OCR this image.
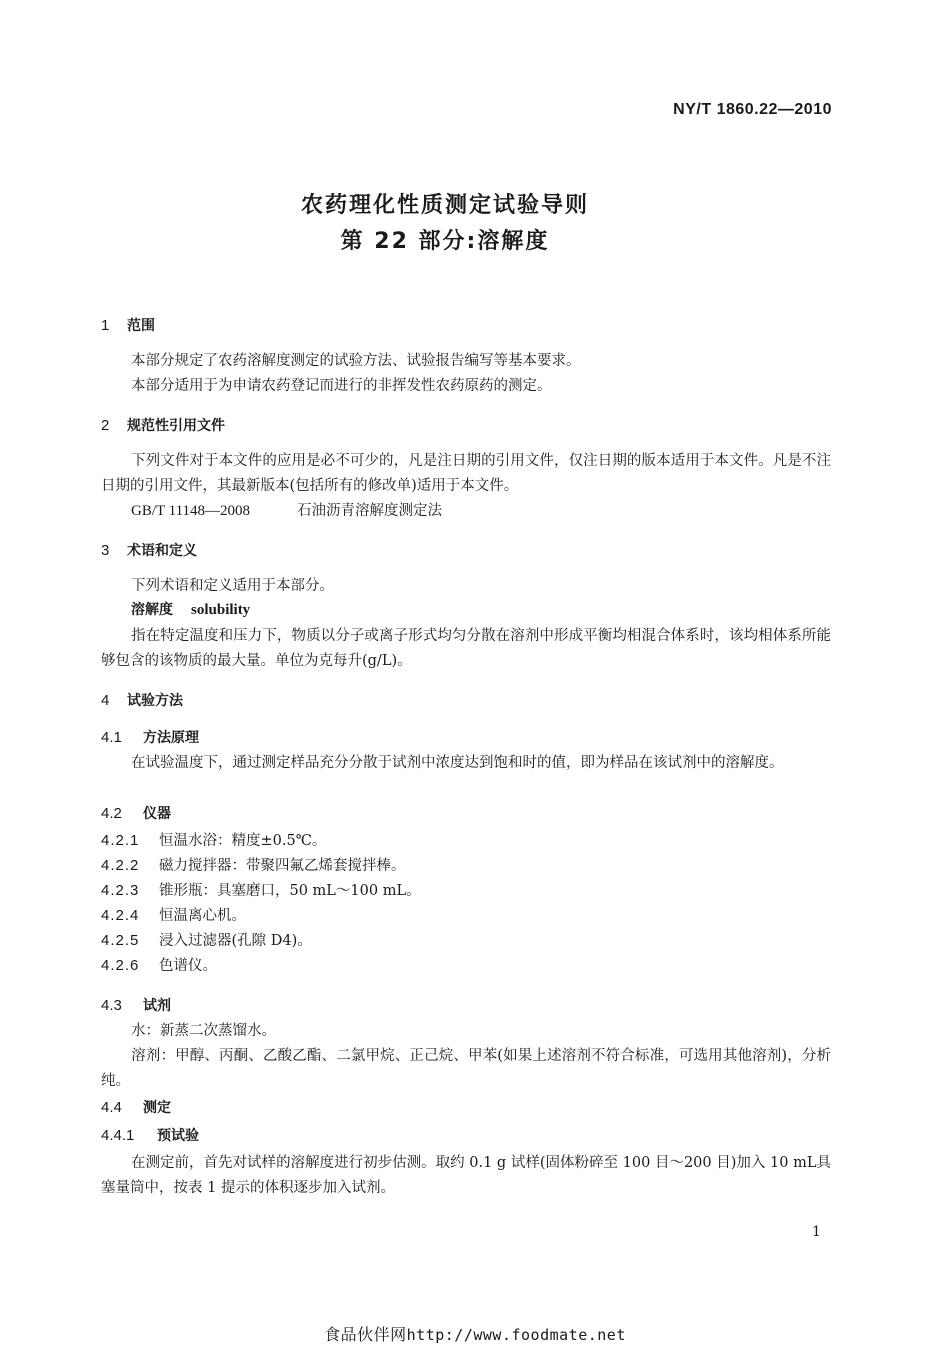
NY/T 1860.22—2010
农药理化性质测定试验导则
第 22 部分:溶解度
1 范围
本部分规定了农药溶解度测定的试验方法、试验报告编写等基本要求。
本部分适用于为申请农药登记而进行的非挥发性农药原药的测定。
2 规范性引用文件
下列文件对于本文件的应用是必不可少的，凡是注日期的引用文件，仅注日期的版本适用于本文件。凡是不注日期的引用文件，其最新版本(包括所有的修改单)适用于本文件。
GB/T 11148—2008	石油沥青溶解度测定法
3 术语和定义
下列术语和定义适用于本部分。
溶解度 solubility
指在特定温度和压力下，物质以分子或离子形式均匀分散在溶剂中形成平衡均相混合体系时，该均相体系所能够包含的该物质的最大量。单位为克每升(g/L)。
4 试验方法
4.1 方法原理
在试验温度下，通过测定样品充分分散于试剂中浓度达到饱和时的值，即为样品在该试剂中的溶解度。
4.2 仪器
4.2.1 恒温水浴：精度±0.5℃。
4.2.2 磁力搅拌器：带聚四氟乙烯套搅拌棒。
4.2.3 锥形瓶：具塞磨口，50 mL～100 mL。
4.2.4 恒温离心机。
4.2.5 浸入过滤器(孔隙 D4)。
4.2.6 色谱仪。
4.3 试剂
水：新蒸二次蒸馏水。
溶剂：甲醇、丙酮、乙酸乙酯、二氯甲烷、正己烷、甲苯(如果上述溶剂不符合标准，可选用其他溶剂)，分析纯。
4.4 测定
4.4.1 预试验
在测定前，首先对试样的溶解度进行初步估测。取约 0.1 g 试样(固体粉碎至 100 目～200 目)加入 10 mL具塞量筒中，按表 1 提示的体积逐步加入试剂。
1
食品伙伴网http://www.foodmate.net
